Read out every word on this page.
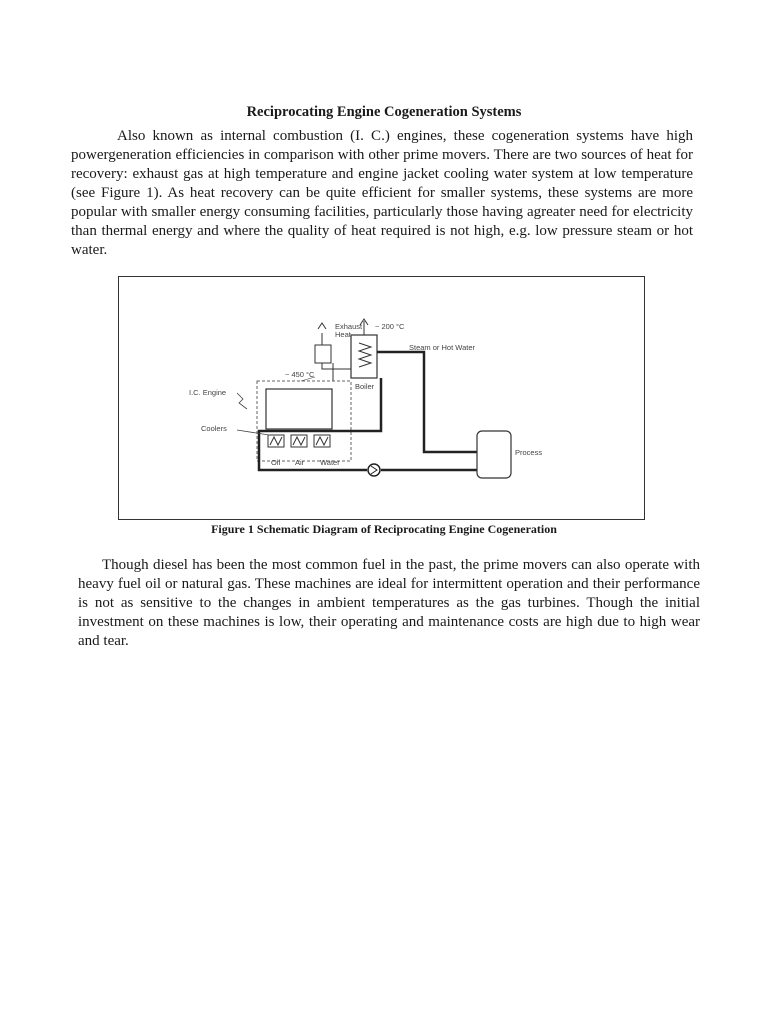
Reciprocating Engine Cogeneration Systems

Also known as internal combustion (I. C.) engines, these cogeneration systems have high powergeneration efficiencies in comparison with other prime movers. There are two sources of heat for recovery: exhaust gas at high temperature and engine jacket cooling water system at low temperature (see Figure 1). As heat recovery can be quite efficient for smaller systems, these systems are more popular with smaller energy consuming facilities, particularly those having agreater need for electricity than thermal energy and where the quality of heat required is not high, e.g. low pressure steam or hot water.

Exhaust
Heat
~ 200 °C
Steam or Hot Water
~ 450 °C
Boiler
I.C. Engine
Coolers
Oil Air Water
Process

Figure 1 Schematic Diagram of Reciprocating Engine Cogeneration

Though diesel has been the most common fuel in the past, the prime movers can also operate with heavy fuel oil or natural gas. These machines are ideal for intermittent operation and their performance is not as sensitive to the changes in ambient temperatures as the gas turbines. Though the initial investment on these machines is low, their operating and maintenance costs are high due to high wear and tear.
